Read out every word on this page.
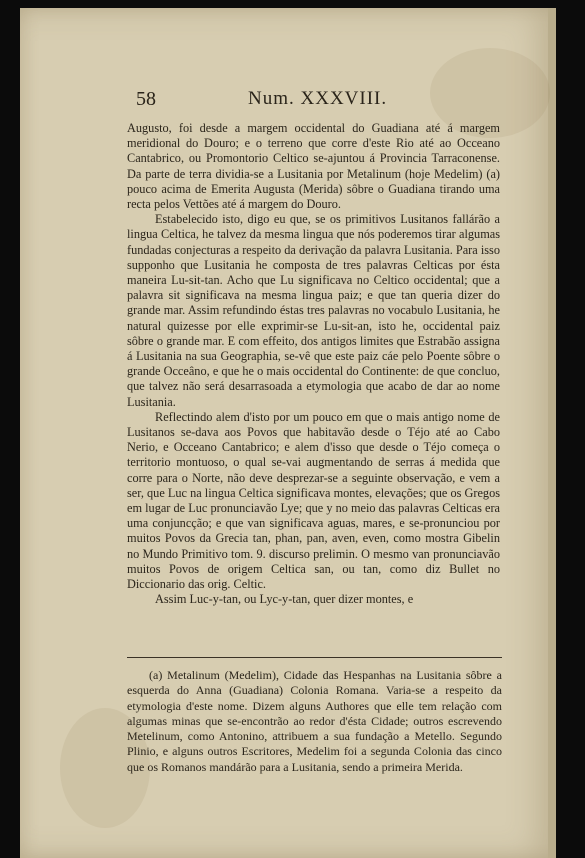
58	Num. XXXVIII.

Augusto, foi desde a margem occidental do Guadiana até á margem meridional do Douro; e o terreno que corre d'este Rio até ao Occeano Cantabrico, ou Promontorio Celtico se-ajuntou á Provincia Tarraconense. Da parte de terra dividia-se a Lusitania por Metalinum (hoje Medelim) (a) pouco acima de Emerita Augusta (Merida) sôbre o Guadiana tirando uma recta pelos Vettões até á margem do Douro.

Estabelecido isto, digo eu que, se os primitivos Lusitanos fallárão a lingua Celtica, he talvez da mesma lingua que nós poderemos tirar algumas fundadas conjecturas a respeito da derivação da palavra Lusitania. Para isso supponho que Lusitania he composta de tres palavras Celticas por ésta maneira Lu-sit-tan. Acho que Lu significava no Celtico occidental; que a palavra sit significava na mesma lingua paiz; e que tan queria dizer do grande mar. Assim refundindo éstas tres palavras no vocabulo Lusitania, he natural quizesse por elle exprimir-se Lu-sit-an, isto he, occidental paiz sôbre o grande mar. E com effeito, dos antigos limites que Estrabão assigna á Lusitania na sua Geographia, se-vê que este paiz cáe pelo Poente sôbre o grande Occeâno, e que he o mais occidental do Continente: de que concluo, que talvez não será desarrasoada a etymologia que acabo de dar ao nome Lusitania.

Reflectindo alem d'isto por um pouco em que o mais antigo nome de Lusitanos se-dava aos Povos que habitavão desde o Téjo até ao Cabo Nerio, e Occeano Cantabrico; e alem d'isso que desde o Téjo começa o territorio montuoso, o qual se-vai augmentando de serras á medida que corre para o Norte, não deve desprezar-se a seguinte observação, e vem a ser, que Luc na lingua Celtica significava montes, elevações; que os Gregos em lugar de Luc pronunciavão Lye; que y no meio das palavras Celticas era uma conjuncção; e que van significava aguas, mares, e se-pronunciou por muitos Povos da Grecia tan, phan, pan, aven, even, como mostra Gibelin no Mundo Primitivo tom. 9. discurso prelimin. O mesmo van pronunciavão muitos Povos de origem Celtica san, ou tan, como diz Bullet no Diccionario das orig. Celtic.

Assim Luc-y-tan, ou Lyc-y-tan, quer dizer montes, e

(a) Metalinum (Medelim), Cidade das Hespanhas na Lusitania sôbre a esquerda do Anna (Guadiana) Colonia Romana. Varia-se a respeito da etymologia d'este nome. Dizem alguns Authores que elle tem relação com algumas minas que se-encontrão ao redor d'ésta Cidade; outros escrevendo Metelinum, como Antonino, attribuem a sua fundação a Metello. Segundo Plinio, e alguns outros Escritores, Medelim foi a segunda Colonia das cinco que os Romanos mandárão para a Lusitania, sendo a primeira Merida.
